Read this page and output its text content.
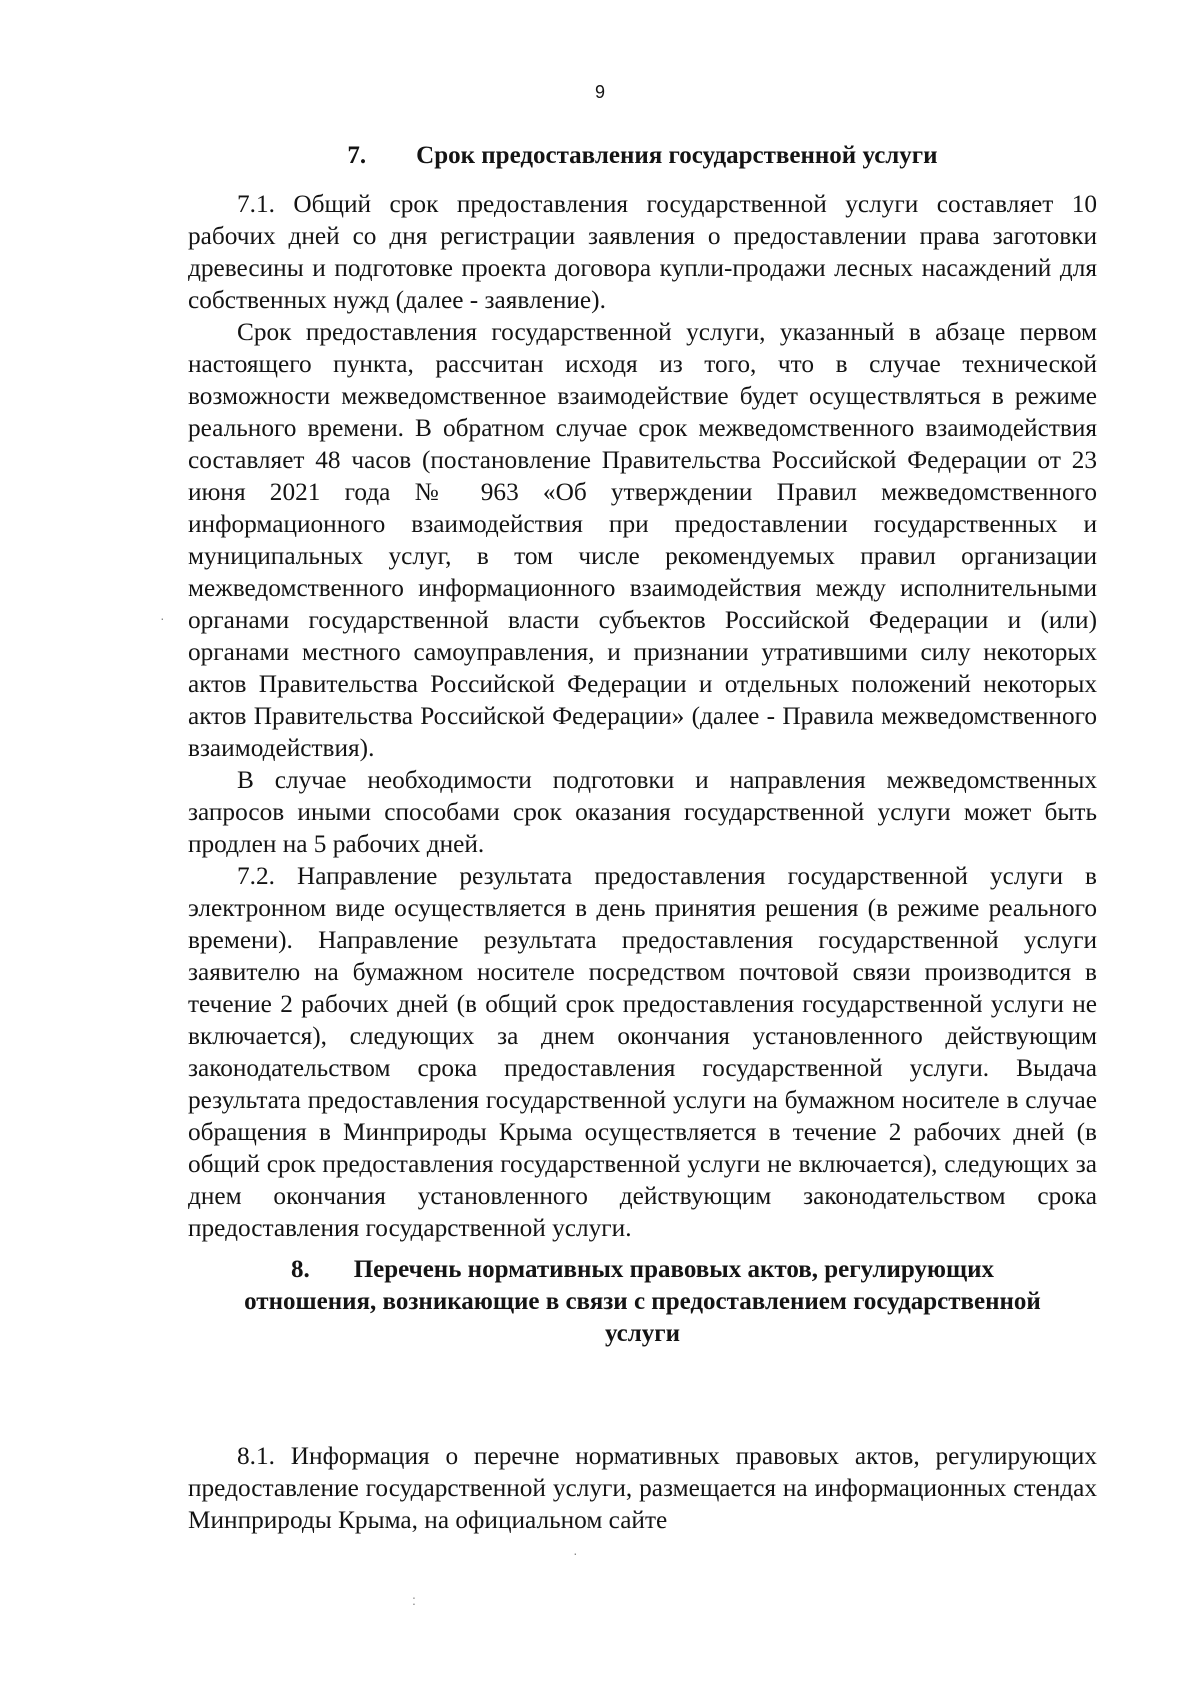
9
7. Срок предоставления государственной услуги

7.1. Общий срок предоставления государственной услуги составляет 10 рабочих дней со дня регистрации заявления о предоставлении права заготовки древесины и подготовке проекта договора купли-продажи лесных насаждений для собственных нужд (далее - заявление).

Срок предоставления государственной услуги, указанный в абзаце первом настоящего пункта, рассчитан исходя из того, что в случае технической возможности межведомственное взаимодействие будет осуществляться в режиме реального времени. В обратном случае срок межведомственного взаимодействия составляет 48 часов (постановление Правительства Российской Федерации от 23 июня 2021 года № 963 «Об утверждении Правил межведомственного информационного взаимодействия при предоставлении государственных и муниципальных услуг, в том числе рекомендуемых правил организации межведомственного информационного взаимодействия между исполнительными органами государственной власти субъектов Российской Федерации и (или) органами местного самоуправления, и признании утратившими силу некоторых актов Правительства Российской Федерации и отдельных положений некоторых актов Правительства Российской Федерации» (далее - Правила межведомственного взаимодействия).

В случае необходимости подготовки и направления межведомственных запросов иными способами срок оказания государственной услуги может быть продлен на 5 рабочих дней.

7.2. Направление результата предоставления государственной услуги в электронном виде осуществляется в день принятия решения (в режиме реального времени). Направление результата предоставления государственной услуги заявителю на бумажном носителе посредством почтовой связи производится в течение 2 рабочих дней (в общий срок предоставления государственной услуги не включается), следующих за днем окончания установленного действующим законодательством срока предоставления государственной услуги. Выдача результата предоставления государственной услуги на бумажном носителе в случае обращения в Минприроды Крыма осуществляется в течение 2 рабочих дней (в общий срок предоставления государственной услуги не включается), следующих за днем окончания установленного действующим законодательством срока предоставления государственной услуги.

8. Перечень нормативных правовых актов, регулирующих
отношения, возникающие в связи с предоставлением государственной
услуги

8.1. Информация о перечне нормативных правовых актов, регулирующих предоставление государственной услуги, размещается на информационных стендах Минприроды Крыма, на официальном сайте

·
·
:
